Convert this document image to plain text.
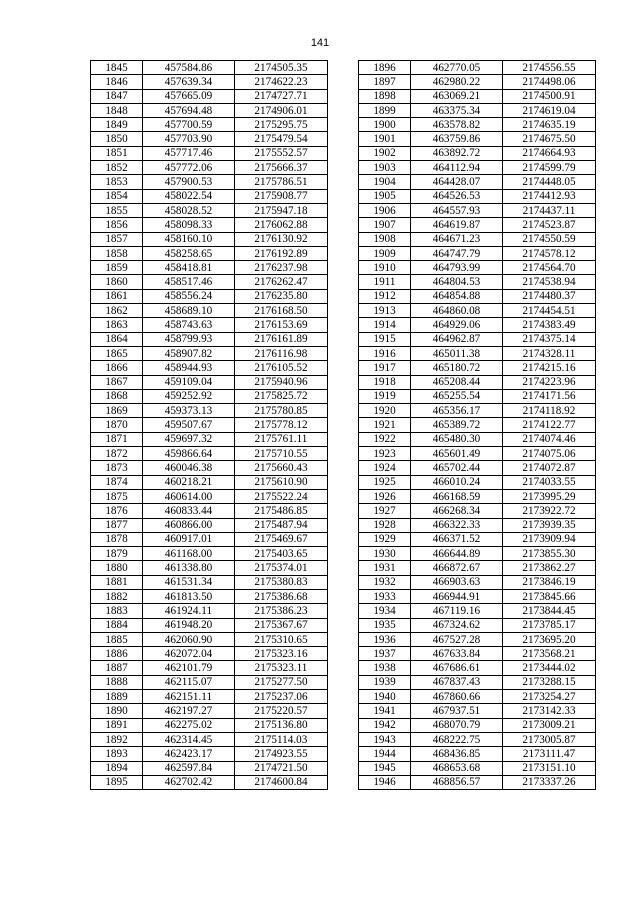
141
1845	457584.86	2174505.35
1846	457639.34	2174622.23
1847	457665.09	2174727.71
1848	457694.48	2174906.01
1849	457700.59	2175295.75
1850	457703.90	2175479.54
1851	457717.46	2175552.57
1852	457772.06	2175666.37
1853	457900.53	2175786.51
1854	458022.54	2175908.77
1855	458028.52	2175947.18
1856	458098.33	2176062.88
1857	458160.10	2176130.92
1858	458258.65	2176192.89
1859	458418.81	2176237.98
1860	458517.46	2176262.47
1861	458556.24	2176235.80
1862	458689.10	2176168.50
1863	458743.63	2176153.69
1864	458799.93	2176161.89
1865	458907.82	2176116.98
1866	458944.93	2176105.52
1867	459109.04	2175940.96
1868	459252.92	2175825.72
1869	459373.13	2175780.85
1870	459507.67	2175778.12
1871	459697.32	2175761.11
1872	459866.64	2175710.55
1873	460046.38	2175660.43
1874	460218.21	2175610.90
1875	460614.00	2175522.24
1876	460833.44	2175486.85
1877	460866.00	2175487.94
1878	460917.01	2175469.67
1879	461168.00	2175403.65
1880	461338.80	2175374.01
1881	461531.34	2175380.83
1882	461813.50	2175386.68
1883	461924.11	2175386.23
1884	461948.20	2175367.67
1885	462060.90	2175310.65
1886	462072.04	2175323.16
1887	462101.79	2175323.11
1888	462115.07	2175277.50
1889	462151.11	2175237.06
1890	462197.27	2175220.57
1891	462275.02	2175136.80
1892	462314.45	2175114.03
1893	462423.17	2174923.55
1894	462597.84	2174721.50
1895	462702.42	2174600.84
1896	462770.05	2174556.55
1897	462980.22	2174498.06
1898	463069.21	2174500.91
1899	463375.34	2174619.04
1900	463578.82	2174635.19
1901	463759.86	2174675.50
1902	463892.72	2174664.93
1903	464112.94	2174599.79
1904	464428.07	2174448.05
1905	464526.53	2174412.93
1906	464557.93	2174437.11
1907	464619.87	2174523.87
1908	464671.23	2174550.59
1909	464747.79	2174578.12
1910	464793.99	2174564.70
1911	464804.53	2174538.94
1912	464854.88	2174480.37
1913	464860.08	2174454.51
1914	464929.06	2174383.49
1915	464962.87	2174375.14
1916	465011.38	2174328.11
1917	465180.72	2174215.16
1918	465208.44	2174223.96
1919	465255.54	2174171.56
1920	465356.17	2174118.92
1921	465389.72	2174122.77
1922	465480.30	2174074.46
1923	465601.49	2174075.06
1924	465702.44	2174072.87
1925	466010.24	2174033.55
1926	466168.59	2173995.29
1927	466268.34	2173922.72
1928	466322.33	2173939.35
1929	466371.52	2173909.94
1930	466644.89	2173855.30
1931	466872.67	2173862.27
1932	466903.63	2173846.19
1933	466944.91	2173845.66
1934	467119.16	2173844.45
1935	467324.62	2173785.17
1936	467527.28	2173695.20
1937	467633.84	2173568.21
1938	467686.61	2173444.02
1939	467837.43	2173288.15
1940	467860.66	2173254.27
1941	467937.51	2173142.33
1942	468070.79	2173009.21
1943	468222.75	2173005.87
1944	468436.85	2173111.47
1945	468653.68	2173151.10
1946	468856.57	2173337.26
